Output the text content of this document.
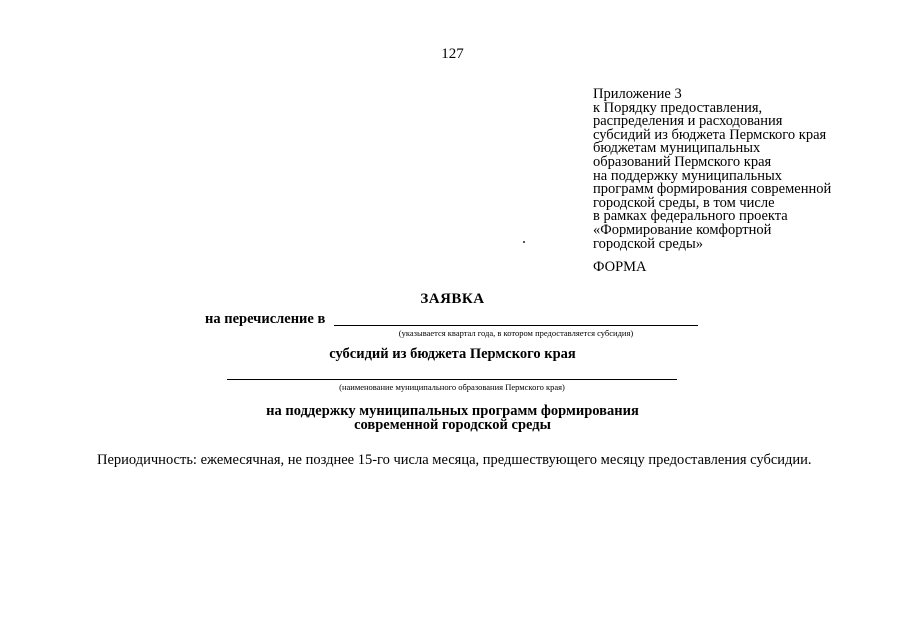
127
Приложение 3
к Порядку предоставления,
распределения и расходования
субсидий из бюджета Пермского края
бюджетам муниципальных
образований Пермского края
на поддержку муниципальных
программ формирования современной
городской среды, в том числе
в рамках федерального проекта
«Формирование комфортной
городской среды»
ФОРМА
ЗАЯВКА
на перечисление в
(указывается квартал года, в котором предоставляется субсидия)
субсидий из бюджета Пермского края
(наименование муниципального образования Пермского края)
на поддержку муниципальных программ формирования
современной городской среды
Периодичность: ежемесячная, не позднее 15-го числа месяца, предшествующего месяцу предоставления субсидии.
